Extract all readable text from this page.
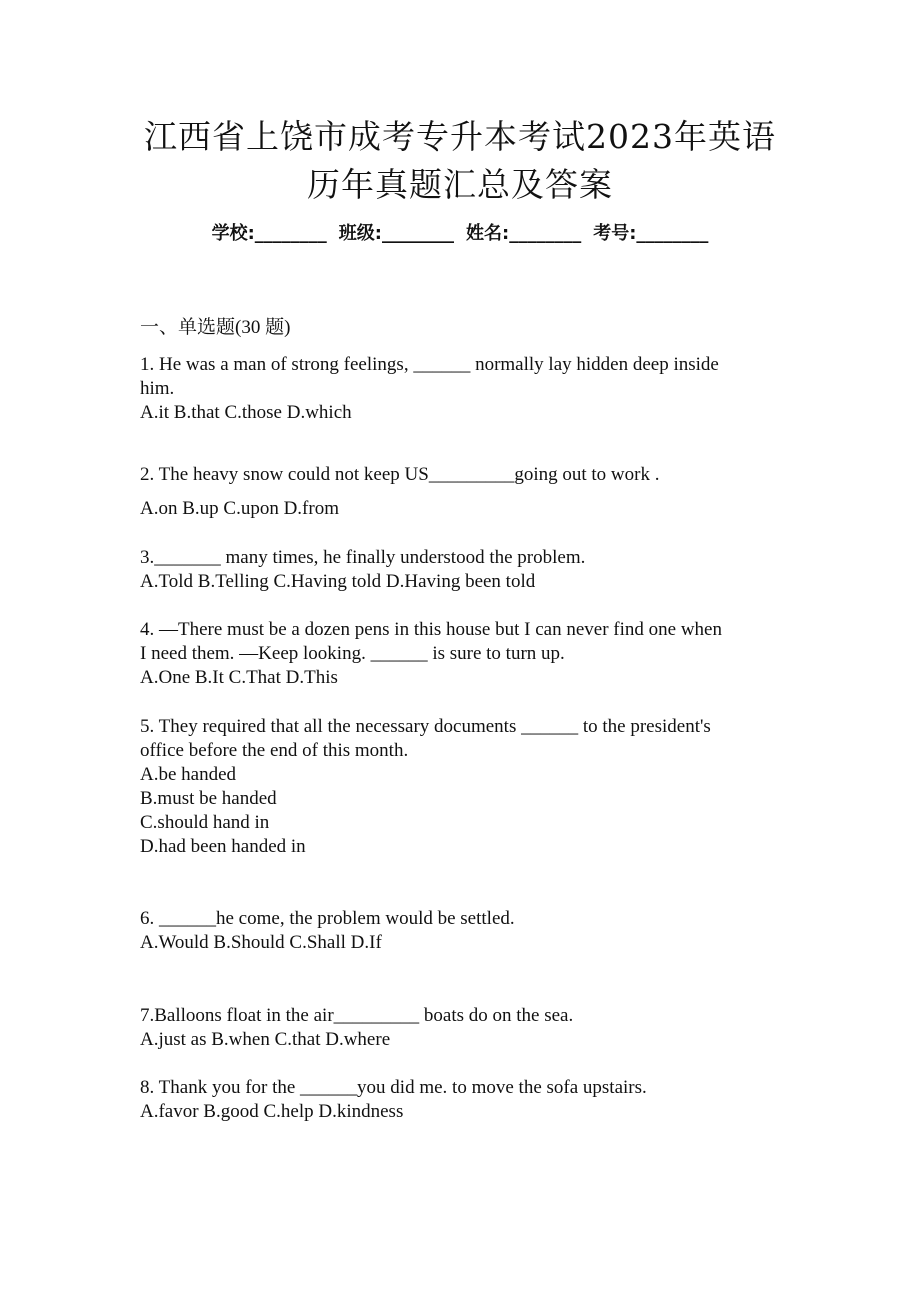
江西省上饶市成考专升本考试2023年英语
历年真题汇总及答案
学校:________ 班级:________ 姓名:________ 考号:________
一、单选题(30 题)
1. He was a man of strong feelings, ______ normally lay hidden deep inside
him.
A.it B.that C.those D.which
2. The heavy snow could not keep US_________going out to work .
A.on B.up C.upon D.from
3._______ many times, he finally understood the problem.
A.Told B.Telling C.Having told D.Having been told
4. —There must be a dozen pens in this house but I can never find one when
I need them. —Keep looking. ______ is sure to turn up.
A.One B.It C.That D.This
5. They required that all the necessary documents ______ to the president's
office before the end of this month.
A.be handed
B.must be handed
C.should hand in
D.had been handed in
6. ______he come, the problem would be settled.
A.Would B.Should C.Shall D.If
7.Balloons float in the air_________ boats do on the sea.
A.just as B.when C.that D.where
8. Thank you for the ______you did me. to move the sofa upstairs.
A.favor B.good C.help D.kindness
